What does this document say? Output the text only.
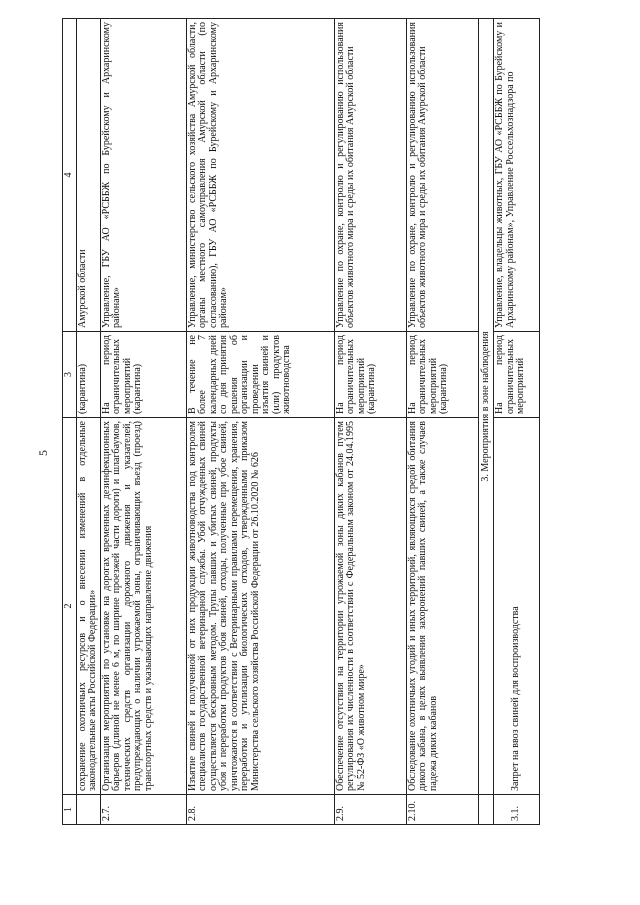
5
1	2	3	4
	сохранение охотничьих ресурсов и о внесении изменений в отдельные законодательные акты Российской Федерации»	(карантина)	Амурской области
2.7.	Организация мероприятий по установке на дорогах временных дезинфекционных барьеров (длиной не менее 6 м, по ширине проезжей части дороги) и шлагбаумов, технических средств организации дорожного движения и указателей, предупреждающих о наличии угрожаемой зоны, ограничивающих въезд (проезд) транспортных средств и указывающих направление движения	На период ограничительных мероприятий (карантина)	Управление, ГБУ АО «РСББЖ по Бурейскому и Архаринскому районам»
2.8.	Изъятие свиней и полученной от них продукции животноводства под контролем специалистов государственной ветеринарной службы. Убой отчужденных свиней осуществляется бескровным методом. Трупы павших и убитых свиней, продукты убоя и переработки продуктов убоя свиней, отходы, полученные при убое свиней, уничтожаются в соответствии с Ветеринарными правилами перемещения, хранения, переработки и утилизации биологических отходов, утвержденными приказом Министерства сельского хозяйства Российской Федерации от 26.10.2020 № 626	В течение не более 7 календарных дней со дня принятия решения об организации и проведении изъятия свиней и (или) продуктов животноводства	Управление, министерство сельского хозяйства Амурской области, органы местного самоуправления Амурской области (по согласованию), ГБУ АО «РСББЖ по Бурейскому и Архаринскому районам»
2.9.	Обеспечение отсутствия на территории угрожаемой зоны диких кабанов путем регулирования их численности в соответствии с Федеральным законом от 24.04.1995 № 52-ФЗ «О животном мире»	На период ограничительных мероприятий (карантина)	Управление по охране, контролю и регулированию использования объектов животного мира и среды их обитания Амурской области
2.10.	Обследование охотничьих угодий и иных территорий, являющихся средой обитания дикого кабана, в целях выявления захоронений павших свиней, а также случаев падежа диких кабанов	На период ограничительных мероприятий (карантина)	Управление по охране, контролю и регулированию использования объектов животного мира и среды их обитания Амурской области
	3. Мероприятия в зоне наблюдения		
3.1.	Запрет на ввоз свиней для воспроизводства	На период ограничительных мероприятий	Управление, владельцы животных, ГБУ АО «РСББЖ по Бурейскому и Архаринскому районам», Управление Россельхознадзора по
